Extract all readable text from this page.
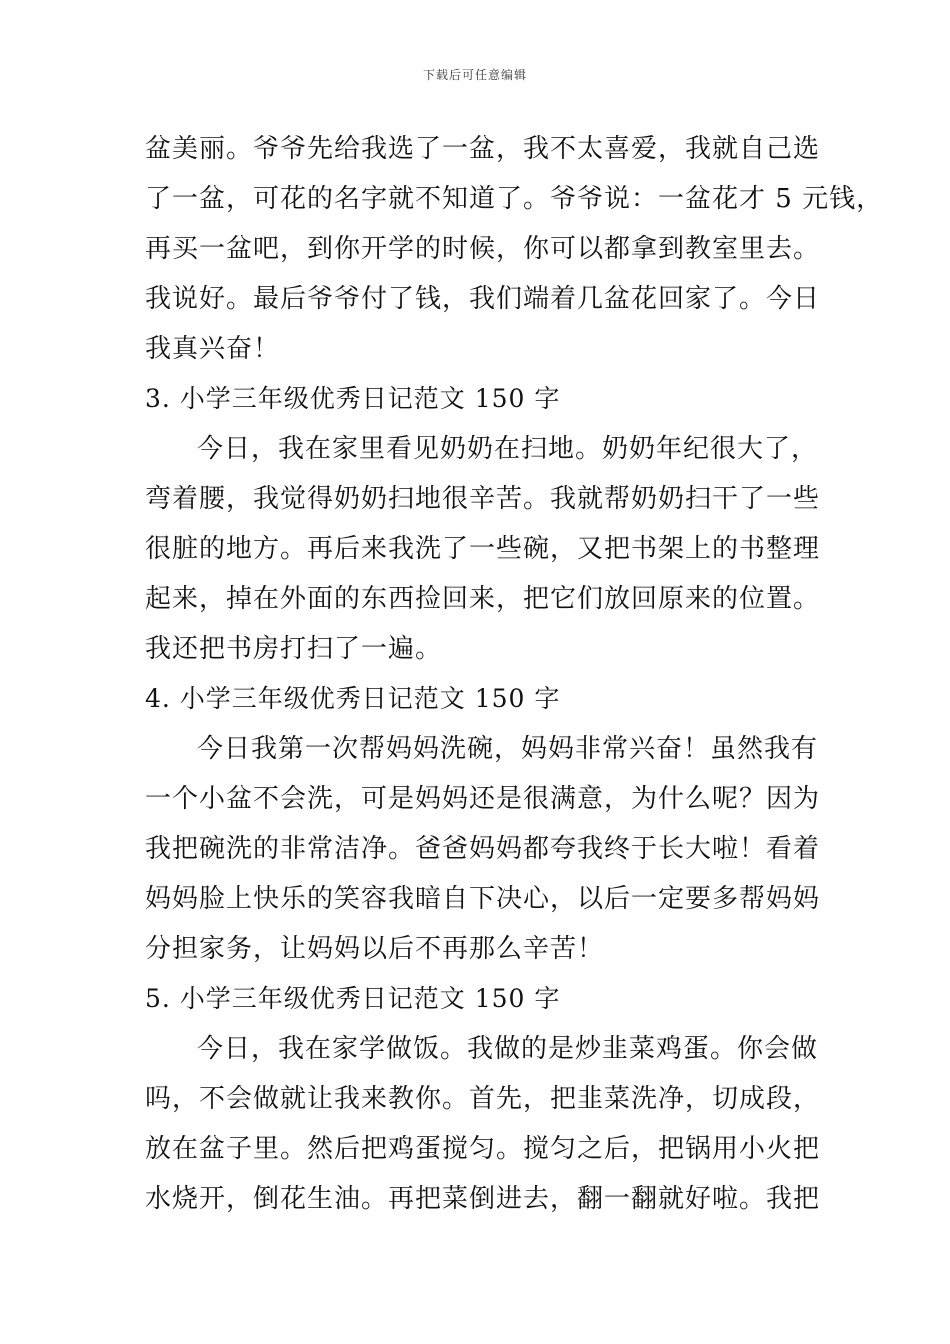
下载后可任意编辑
盆美丽。爷爷先给我选了一盆，我不太喜爱，我就自己选
了一盆，可花的名字就不知道了。爷爷说：一盆花才 5 元钱，
再买一盆吧，到你开学的时候，你可以都拿到教室里去。
我说好。最后爷爷付了钱，我们端着几盆花回家了。今日
我真兴奋！
3. 小学三年级优秀日记范文 150 字
今日，我在家里看见奶奶在扫地。奶奶年纪很大了，
弯着腰，我觉得奶奶扫地很辛苦。我就帮奶奶扫干了一些
很脏的地方。再后来我洗了一些碗，又把书架上的书整理
起来，掉在外面的东西捡回来，把它们放回原来的位置。
我还把书房打扫了一遍。
4. 小学三年级优秀日记范文 150 字
今日我第一次帮妈妈洗碗，妈妈非常兴奋！虽然我有
一个小盆不会洗，可是妈妈还是很满意，为什么呢？因为
我把碗洗的非常洁净。爸爸妈妈都夸我终于长大啦！看着
妈妈脸上快乐的笑容我暗自下决心，以后一定要多帮妈妈
分担家务，让妈妈以后不再那么辛苦！
5. 小学三年级优秀日记范文 150 字
今日，我在家学做饭。我做的是炒韭菜鸡蛋。你会做
吗，不会做就让我来教你。首先，把韭菜洗净，切成段，
放在盆子里。然后把鸡蛋搅匀。搅匀之后，把锅用小火把
水烧开，倒花生油。再把菜倒进去，翻一翻就好啦。我把
